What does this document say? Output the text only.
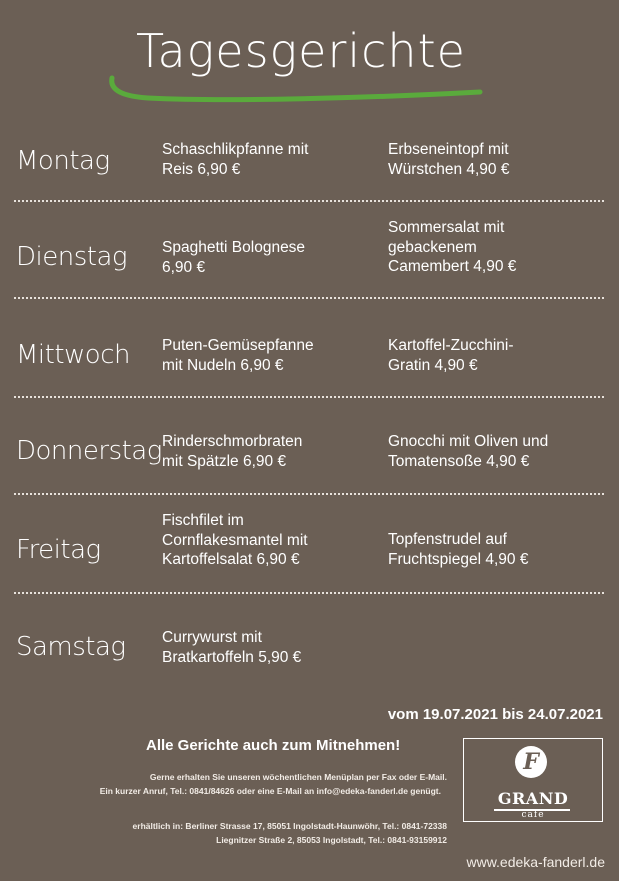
Tagesgerichte
Montag	Schaschlikpfanne mit
Reis 6,90 €
Erbseneintopf mit
Würstchen 4,90 €
Dienstag Spaghetti Bolognese
6,90 €
Sommersalat mit
gebackenem
Camembert 4,90 €
Mittwoch Puten-Gemüsepfanne
mit Nudeln 6,90 €
Kartoffel-Zucchini-
Gratin 4,90 €
Donnerstag Rinderschmorbraten
mit Spätzle 6,90 €
Gnocchi mit Oliven und
Tomatensoße 4,90 €
Freitag
Fischfilet im
Cornflakesmantel mit
Kartoffelsalat 6,90 €
Topfenstrudel auf
Fruchtspiegel 4,90 €
Samstag Currywurst mit
Bratkartoffeln 5,90 €
vom 19.07.2021 bis 24.07.2021
Alle Gerichte auch zum Mitnehmen!
Gerne erhalten Sie unseren wöchentlichen Menüplan per Fax oder E-Mail.
Ein kurzer Anruf, Tel.: 0841/84626 oder eine E-Mail an info@edeka-fanderl.de genügt.
erhältlich in: Berliner Strasse 17, 85051 Ingolstadt-Haunwöhr, Tel.: 0841-72338
Liegnitzer Straße 2, 85053 Ingolstadt, Tel.: 0841-93159912
F
GRAND
café
www.edeka-fanderl.de
